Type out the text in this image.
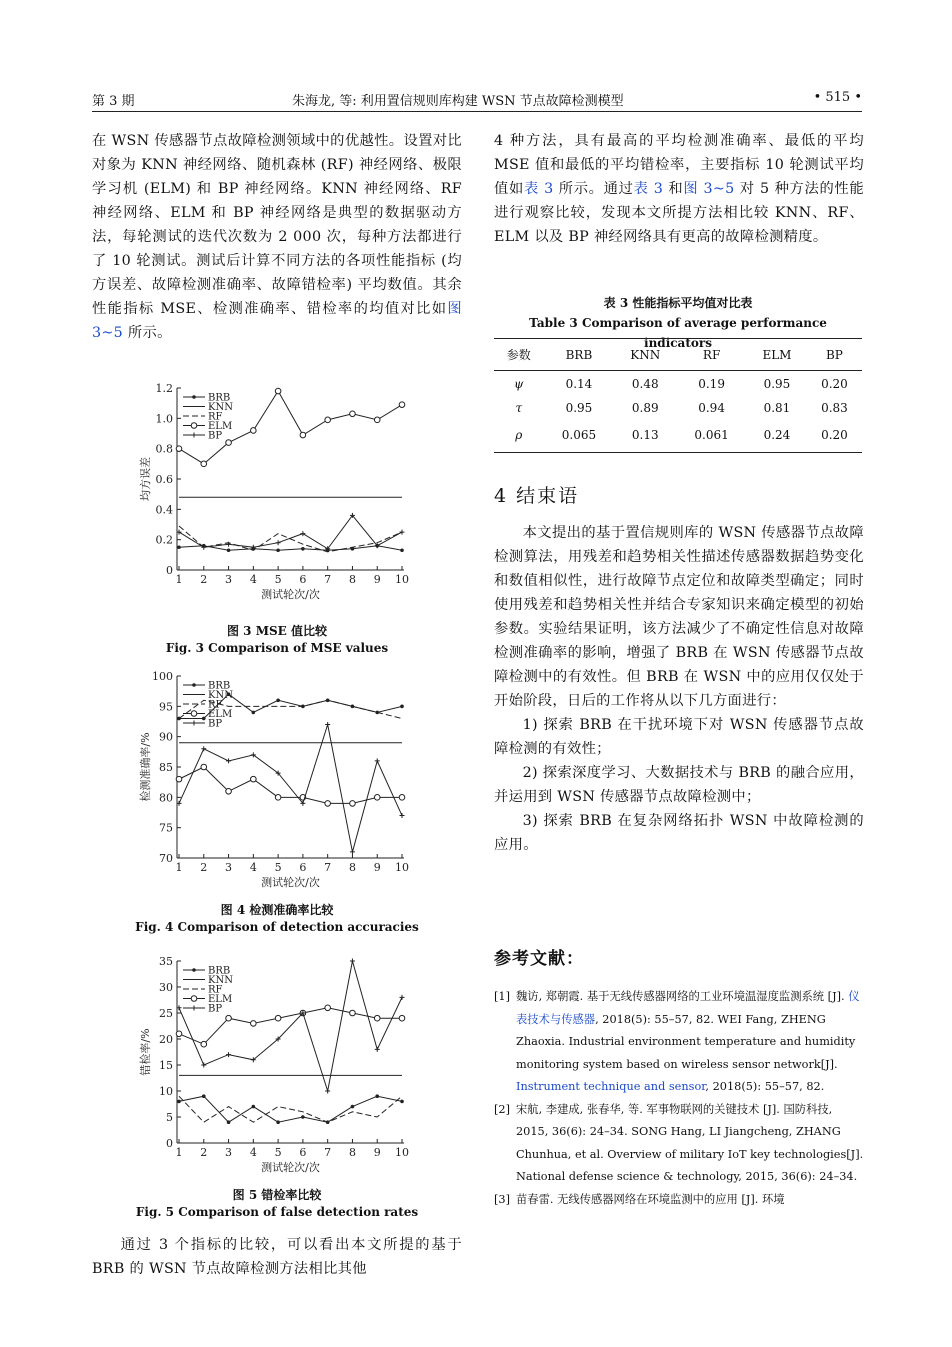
第 3 期	朱海龙, 等: 利用置信规则库构建 WSN 节点故障检测模型	• 515 •

在 WSN 传感器节点故障检测领域中的优越性。设置对比对象为 KNN 神经网络、随机森林 (RF) 神经网络、极限学习机 (ELM) 和 BP 神经网络。KNN 神经网络、RF 神经网络、ELM 和 BP 神经网络是典型的数据驱动方法，每轮测试的迭代次数为 2 000 次，每种方法都进行了 10 轮测试。测试后计算不同方法的各项性能指标 (均方误差、故障检测准确率、故障错检率) 平均数值。其余性能指标 MSE、检测准确率、错检率的均值对比如图 3~5 所示。

0
0.2
0.4
0.6
0.8
1.0
1.2
1 2 3 4 5 6 7 8 9 10
测试轮次/次
均方误差
BRB
KNN
RF
ELM
BP
图 3 MSE 值比较
Fig. 3 Comparison of MSE values
70
75
80
85
90
95
100
1 2 3 4 5 6 7 8 9 10
测试轮次/次
检测准确率/%
BRB
KNN
RF
ELM
BP
图 4 检测准确率比较
Fig. 4 Comparison of detection accuracies
0
5
10
15
20
25
30
35
1 2 3 4 5 6 7 8 9 10
测试轮次/次
错检率/%
BRB
KNN
RF
ELM
BP
图 5 错检率比较
Fig. 5 Comparison of false detection rates
通过 3 个指标的比较，可以看出本文所提的基于 BRB 的 WSN 节点故障检测方法相比其他

4 种方法，具有最高的平均检测准确率、最低的平均 MSE 值和最低的平均错检率，主要指标 10 轮测试平均值如表 3 所示。通过表 3 和图 3~5 对 5 种方法的性能进行观察比较，发现本文所提方法相比较 KNN、RF、ELM 以及 BP 神经网络具有更高的故障检测精度。

表 3 性能指标平均值对比表
Table 3 Comparison of average performance indicators
参数	BRB	KNN	RF	ELM	BP
ψ	0.14	0.48	0.19	0.95	0.20
τ	0.95	0.89	0.94	0.81	0.83
ρ	0.065	0.13	0.061	0.24	0.20
4 结束语

本文提出的基于置信规则库的 WSN 传感器节点故障检测算法，用残差和趋势相关性描述传感器数据趋势变化和数值相似性，进行故障节点定位和故障类型确定；同时使用残差和趋势相关性并结合专家知识来确定模型的初始参数。实验结果证明，该方法减少了不确定性信息对故障检测准确率的影响，增强了 BRB 在 WSN 传感器节点故障检测中的有效性。但 BRB 在 WSN 中的应用仅仅处于开始阶段，日后的工作将从以下几方面进行：

1) 探索 BRB 在干扰环境下对 WSN 传感器节点故障检测的有效性；

2) 探索深度学习、大数据技术与 BRB 的融合应用，并运用到 WSN 传感器节点故障检测中；

3) 探索 BRB 在复杂网络拓扑 WSN 中故障检测的应用。

参考文献：
[1] 魏访, 郑朝霞. 基于无线传感器网络的工业环境温湿度监测系统 [J]. 仪表技术与传感器, 2018(5): 55–57, 82. WEI Fang, ZHENG Zhaoxia. Industrial environment temperature and humidity monitoring system based on wireless sensor network[J]. Instrument technique and sensor, 2018(5): 55–57, 82.
[2] 宋航, 李建成, 张春华, 等. 军事物联网的关键技术 [J]. 国防科技, 2015, 36(6): 24–34. SONG Hang, LI Jiangcheng, ZHANG Chunhua, et al. Overview of military IoT key technologies[J]. National defense science & technology, 2015, 36(6): 24–34.
[3] 苗春雷. 无线传感器网络在环境监测中的应用 [J]. 环境
